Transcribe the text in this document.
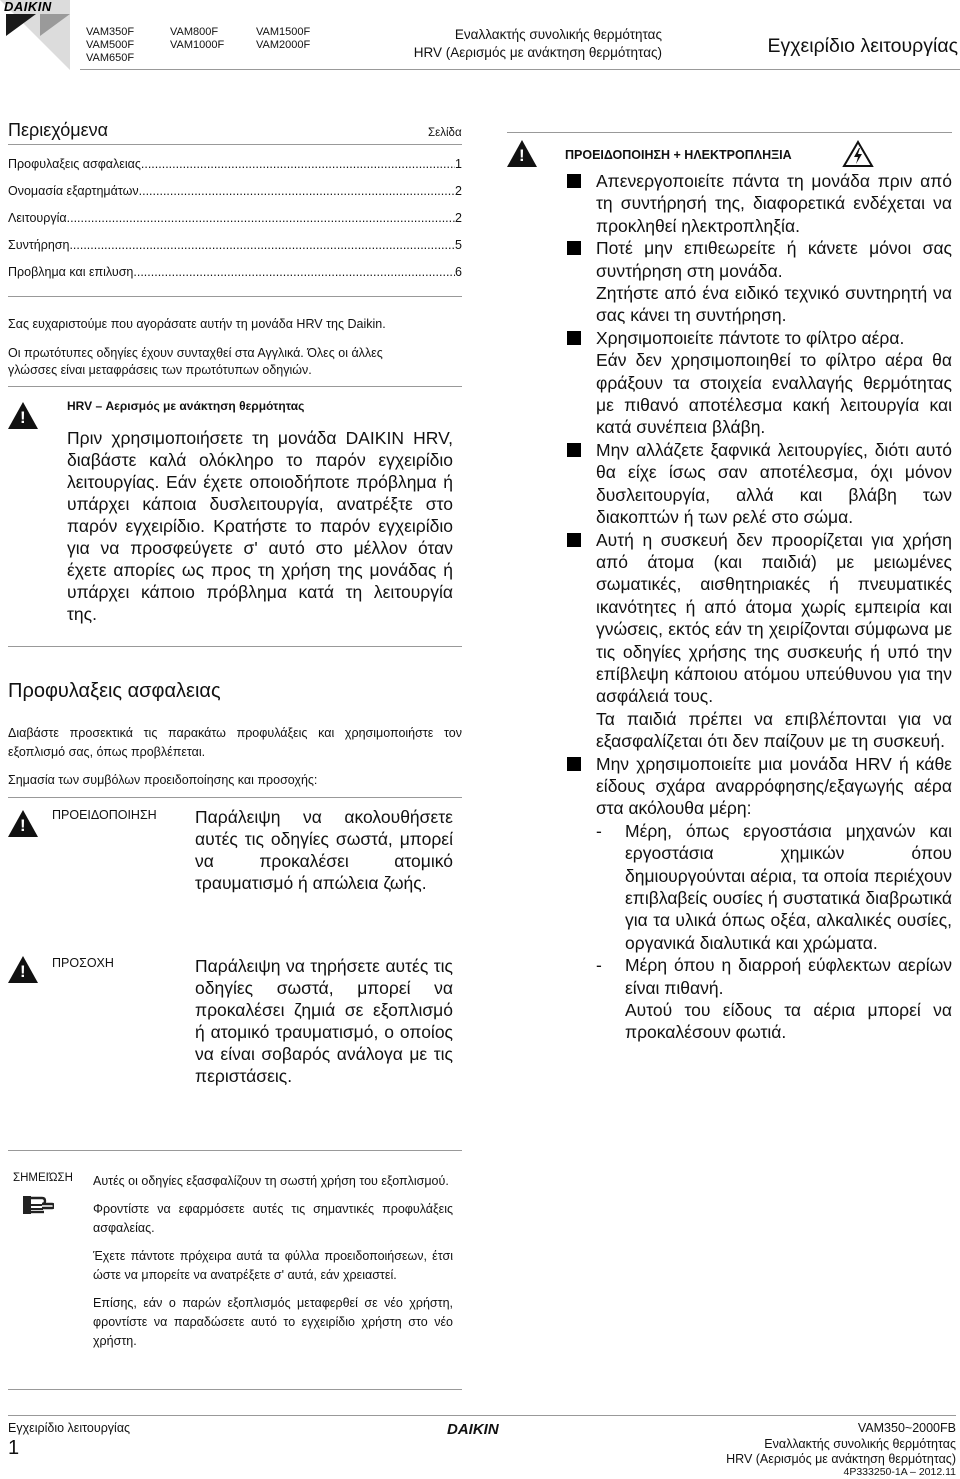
DAIKIN
VAM350F
VAM500F
VAM650F
VAM800F
VAM1000F
VAM1500F
VAM2000F
Εναλλακτής συνολικής θερμότητας
HRV (Αερισμός με ανάκτηση θερμότητας)	Εγχειρίδιο λειτουργίας
Περιεχόμενα	Σελίδα
Προφυλαξεις ασφαλειας .....	1
Ονομασία εξαρτημάτων .....	2
Λειτουργία .....	2
Συντήρηση .....	5
Προβλημα και επιλυση .....	6
Σας ευχαριστούμε που αγοράσατε αυτήν τη μονάδα HRV της Daikin.
Οι πρωτότυπες οδηγίες έχουν συνταχθεί στα Αγγλικά. Όλες οι άλλες
γλώσσες είναι μεταφράσεις των πρωτότυπων οδηγιών.
!
HRV – Αερισμός με ανάκτηση θερμότητας
Πριν χρησιμοποιήσετε τη μονάδα DAIKIN HRV, διαβάστε καλά ολόκληρο το παρόν εγχειρίδιο λειτουργίας. Εάν έχετε οποιοδήποτε πρόβλημα ή υπάρχει κάποια δυσλειτουργία, ανατρέξτε στο παρόν εγχειρίδιο. Κρατήστε το παρόν εγχειρίδιο για να προσφεύγετε σ' αυτό στο μέλλον όταν έχετε απορίες ως προς τη χρήση της μονάδας ή υπάρχει κάποιο πρόβλημα κατά τη λειτουργία της.
Προφυλαξεις ασφαλειας
Διαβάστε προσεκτικά τις παρακάτω προφυλάξεις και χρησιμοποιήστε τον εξοπλισμό σας, όπως προβλέπεται.
Σημασία των συμβόλων προειδοποίησης και προσοχής:
!
ΠΡΟΕΙΔΟΠΟΙΗΣΗ Παράλειψη να ακολουθήσετε αυτές τις οδηγίες σωστά, μπορεί να προκαλέσει ατομικό τραυματισμό ή απώλεια ζωής.
!
ΠΡΟΣΟΧΗ	Παράλειψη να τηρήσετε αυτές τις οδηγίες σωστά, μπορεί να προκαλέσει ζημιά σε εξοπλισμό ή ατομικό τραυματισμό, ο οποίος να είναι σοβαρός ανάλογα με τις περιστάσεις.
ΣΗΜΕΙΏΣΗ Αυτές οι οδηγίες εξασφαλίζουν τη σωστή χρήση του εξοπλισμού.

Φροντίστε να εφαρμόσετε αυτές τις σημαντικές προφυλάξεις ασφαλείας.

Έχετε πάντοτε πρόχειρα αυτά τα φύλλα προειδοποιήσεων, έτσι ώστε να μπορείτε να ανατρέξετε σ' αυτά, εάν χρειαστεί.

Επίσης, εάν ο παρών εξοπλισμός μεταφερθεί σε νέο χρήστη, φροντίστε να παραδώσετε αυτό το εγχειρίδιο χρήστη στο νέο χρήστη.

!
ΠΡΟΕΙΔΟΠΟΙΗΣΗ + ΗΛΕΚΤΡΟΠΛΗΞΙΑ
Απενεργοποιείτε πάντα τη μονάδα πριν από τη συντήρησή της, διαφορετικά ενδέχεται να προκληθεί ηλεκτροπληξία.
Ποτέ μην επιθεωρείτε ή κάνετε μόνοι σας συντήρηση στη μονάδα.
Ζητήστε από ένα ειδικό τεχνικό συντηρητή να σας κάνει τη συντήρηση.
Χρησιμοποιείτε πάντοτε το φίλτρο αέρα.
Εάν δεν χρησιμοποιηθεί το φίλτρο αέρα θα φράξουν τα στοιχεία εναλλαγής θερμότητας με πιθανό αποτέλεσμα κακή λειτουργία και κατά συνέπεια βλάβη.
Μην αλλάζετε ξαφνικά λειτουργίες, διότι αυτό θα είχε ίσως σαν αποτέλεσμα, όχι μόνον δυσλειτουργία, αλλά και βλάβη των διακοπτών ή των ρελέ στο σώμα.
Αυτή η συσκευή δεν προορίζεται για χρήση από άτομα (και παιδιά) με μειωμένες σωματικές, αισθητηριακές ή πνευματικές ικανότητες ή από άτομα χωρίς εμπειρία και γνώσεις, εκτός εάν τη χειρίζονται σύμφωνα με τις οδηγίες χρήσης της συσκευής ή υπό την επίβλεψη κάποιου ατόμου υπεύθυνου για την ασφάλειά τους.
Τα παιδιά πρέπει να επιβλέπονται για να εξασφαλίζεται ότι δεν παίζουν με τη συσκευή.
Μην χρησιμοποιείτε μια μονάδα HRV ή κάθε είδους σχάρα αναρρόφησης/εξαγωγής αέρα στα ακόλουθα μέρη:
- Μέρη, όπως εργοστάσια μηχανών και εργοστάσια χημικών όπου δημιουργούνται αέρια, τα οποία περιέχουν επιβλαβείς ουσίες ή συστατικά διαβρωτικά για τα υλικά όπως οξέα, αλκαλικές ουσίες, οργανικά διαλυτικά και χρώματα.
- Μέρη όπου η διαρροή εύφλεκτων αερίων είναι πιθανή.
Αυτού του είδους τα αέρια μπορεί να προκαλέσουν φωτιά.
Εγχειρίδιο λειτουργίας
1
DAIKIN	VAM350~2000FB
Εναλλακτής συνολικής θερμότητας
HRV (Αερισμός με ανάκτηση θερμότητας)
4P333250-1A – 2012.11
